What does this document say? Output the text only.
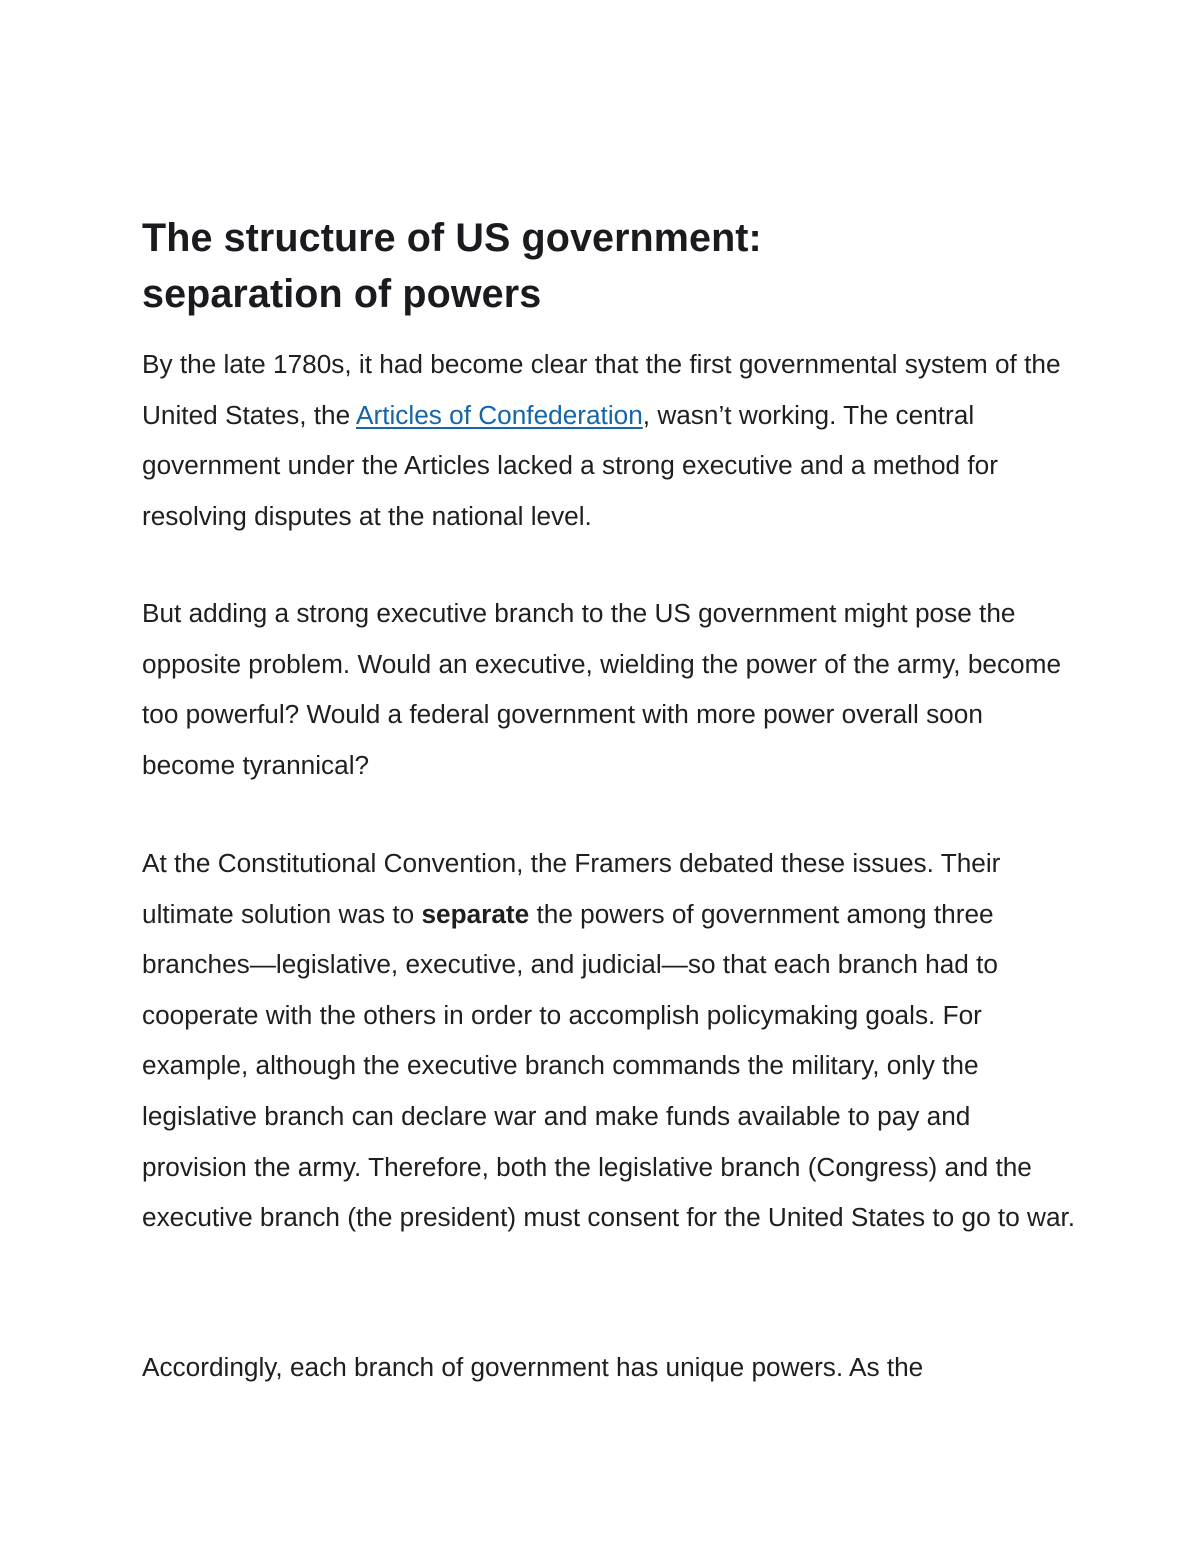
The structure of US government:
separation of powers

By the late 1780s, it had become clear that the first governmental system of the United States, the Articles of Confederation, wasn’t working. The central government under the Articles lacked a strong executive and a method for resolving disputes at the national level.

But adding a strong executive branch to the US government might pose the opposite problem. Would an executive, wielding the power of the army, become too powerful? Would a federal government with more power overall soon become tyrannical?

At the Constitutional Convention, the Framers debated these issues. Their ultimate solution was to separate the powers of government among three branches—legislative, executive, and judicial—so that each branch had to cooperate with the others in order to accomplish policymaking goals. For example, although the executive branch commands the military, only the legislative branch can declare war and make funds available to pay and provision the army. Therefore, both the legislative branch (Congress) and the executive branch (the president) must consent for the United States to go to war.

Accordingly, each branch of government has unique powers. As the
